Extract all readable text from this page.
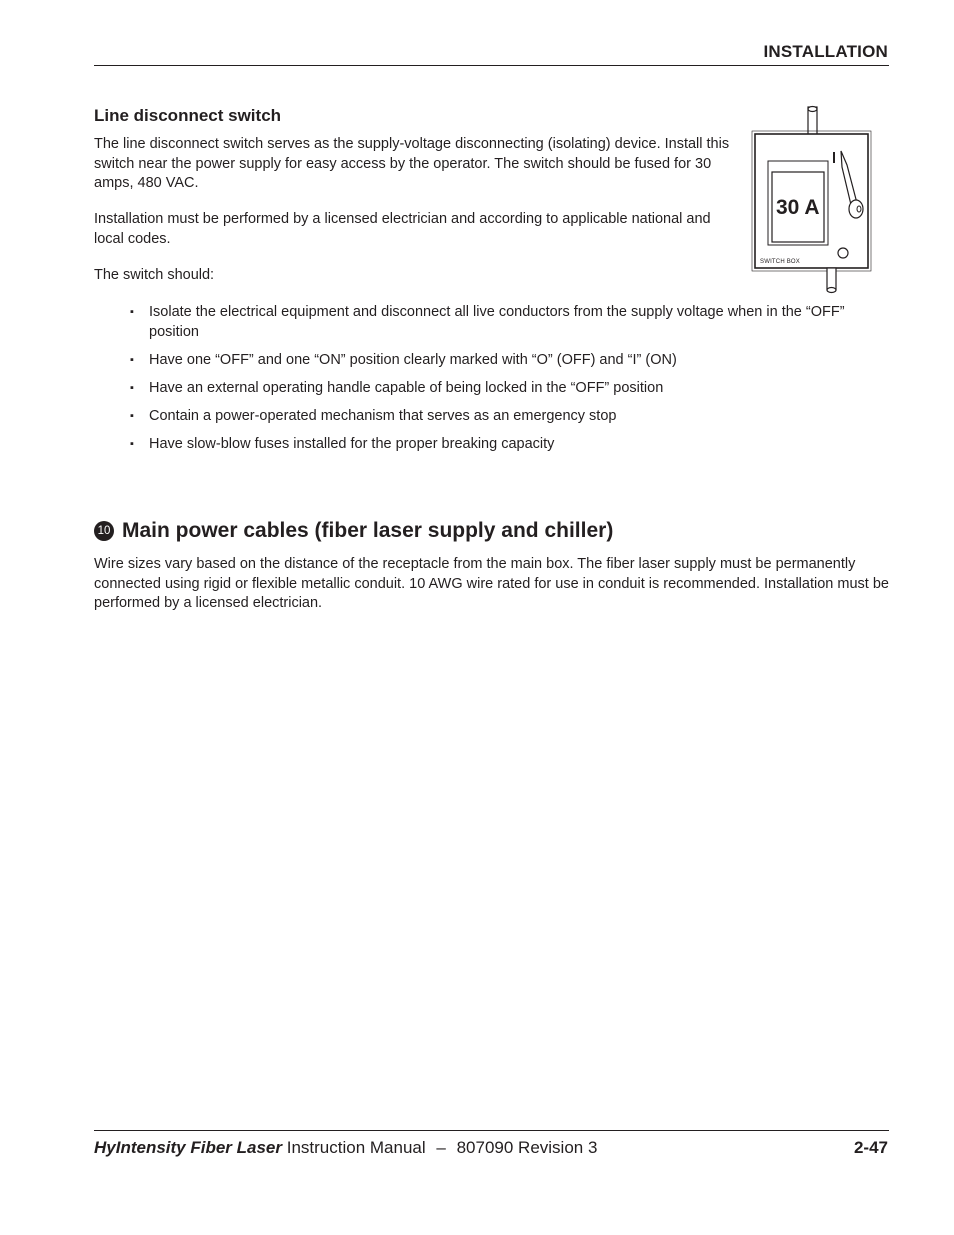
INSTALLATION
Line disconnect switch

The line disconnect switch serves as the supply-voltage disconnecting (isolating) device. Install this switch near the power supply for easy access by the operator. The switch should be fused for 30 amps, 480 VAC.

Installation must be performed by a licensed electrician and according to applicable national and local codes.

The switch should:

▪ Isolate the electrical equipment and disconnect all live conductors from the supply voltage when in the “OFF” position
▪ Have one “OFF” and one “ON” position clearly marked with “O” (OFF) and “I” (ON)
▪ Have an external operating handle capable of being locked in the “OFF” position
▪ Contain a power-operated mechanism that serves as an emergency stop
▪ Have slow-blow fuses installed for the proper breaking capacity
30 A
SWITCH BOX
10 Main power cables (fiber laser supply and chiller)

Wire sizes vary based on the distance of the receptacle from the main box. The fiber laser supply must be permanently connected using rigid or flexible metallic conduit. 10 AWG wire rated for use in conduit is recommended. Installation must be performed by a licensed electrician.

HyIntensity Fiber Laser Instruction Manual – 807090 Revision 3	2-47
